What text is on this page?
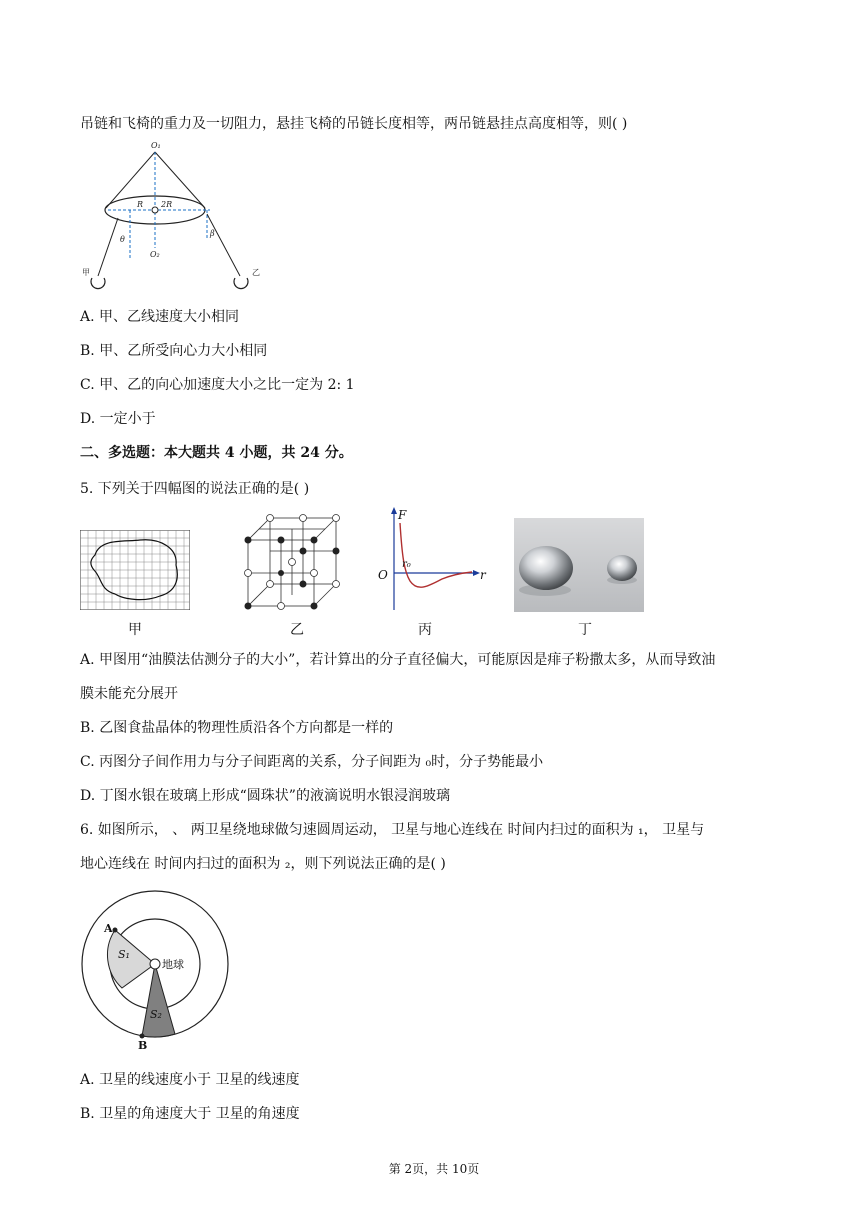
吊链和飞椅的重力及一切阻力，悬挂飞椅的吊链长度相等，两吊链悬挂点高度相等，则( )
O₁
O₂
R 2R
θ
β
甲	乙
A. 甲、乙线速度大小相同
B. 甲、乙所受向心力大小相同
C. 甲、乙的向心加速度大小之比一定为 2: 1
D. 一定小于
二、多选题：本大题共 4 小题，共 24 分。
5. 下列关于四幅图的说法正确的是( )
甲	乙
F
r
O
r₀
丙	丁
A. 甲图用“油膜法估测分子的大小”，若计算出的分子直径偏大，可能原因是痱子粉撒太多，从而导致油
膜未能充分展开
B. 乙图食盐晶体的物理性质沿各个方向都是一样的
C. 丙图分子间作用力与分子间距离的关系，分子间距为 ₀时，分子势能最小
D. 丁图水银在玻璃上形成“圆珠状”的液滴说明水银浸润玻璃
6. 如图所示， 、 两卫星绕地球做匀速圆周运动， 卫星与地心连线在 时间内扫过的面积为 ₁， 卫星与
地心连线在 时间内扫过的面积为 ₂，则下列说法正确的是( )
A
B
S₁
S₂
地球
A. 卫星的线速度小于 卫星的线速度
B. 卫星的角速度大于 卫星的角速度
第 2页，共 10页
